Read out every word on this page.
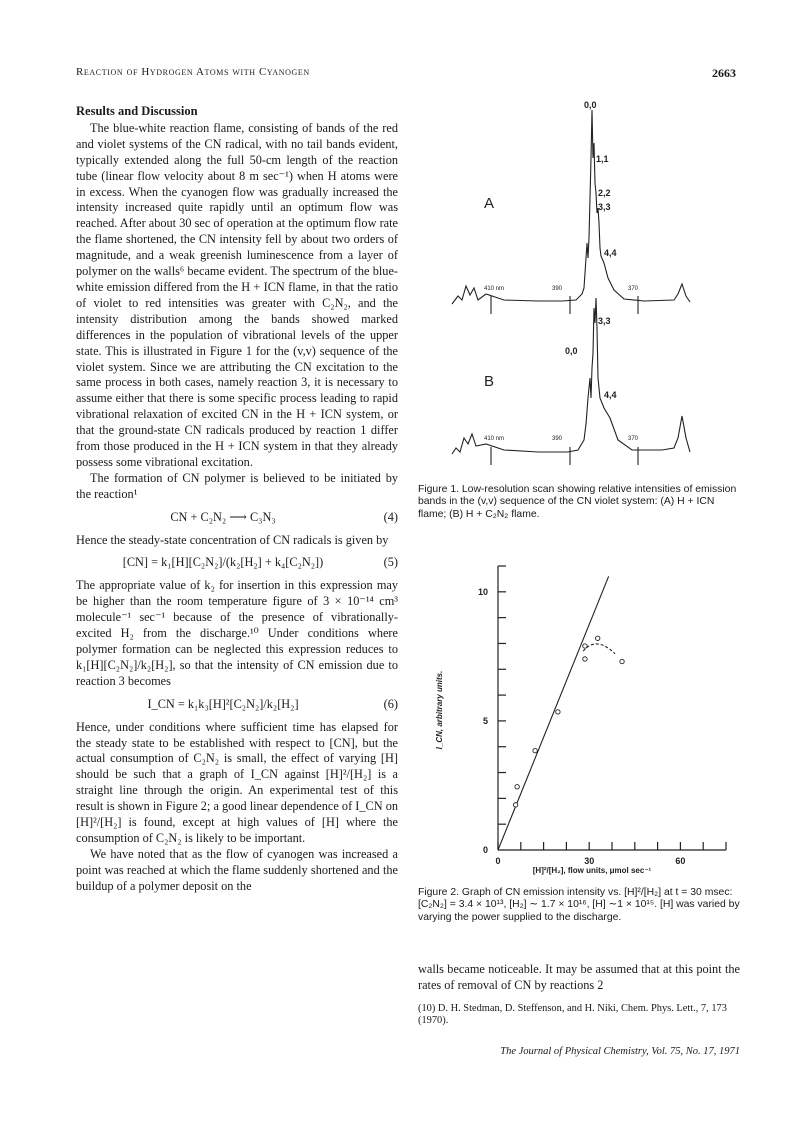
Reaction of Hydrogen Atoms with Cyanogen	2663
Results and Discussion

The blue-white reaction flame, consisting of bands of the red and violet systems of the CN radical, with no tail bands evident, typically extended along the full 50-cm length of the reaction tube (linear flow velocity about 8 m sec⁻¹) when H atoms were in excess. When the cyanogen flow was gradually increased the intensity increased quite rapidly until an optimum flow was reached. After about 30 sec of operation at the optimum flow rate the flame shortened, the CN intensity fell by about two orders of magnitude, and a weak greenish luminescence from a layer of polymer on the walls⁶ became evident. The spectrum of the blue-white emission differed from the H + ICN flame, in that the ratio of violet to red intensities was greater with C₂N₂, and the intensity distribution among the bands showed marked differences in the population of vibrational levels of the upper state. This is illustrated in Figure 1 for the (v,v) sequence of the violet system. Since we are attributing the CN excitation to the same process in both cases, namely reaction 3, it is necessary to assume either that there is some specific process leading to rapid vibrational relaxation of excited CN in the H + ICN system, or that the ground-state CN radicals produced by reaction 1 differ from those produced in the H + ICN system in that they already possess some vibrational excitation.

The formation of CN polymer is believed to be initiated by the reaction¹

CN + C₂N₂ ⟶ C₃N₃	(4)

Hence the steady-state concentration of CN radicals is given by

[CN] = k₁[H][C₂N₂]/(k₂[H₂] + k₄[C₂N₂])	(5)

The appropriate value of k₂ for insertion in this expression may be higher than the room temperature figure of 3 × 10⁻¹⁴ cm³ molecule⁻¹ sec⁻¹ because of the presence of vibrationally-excited H₂ from the discharge.¹⁰ Under conditions where polymer formation can be neglected this expression reduces to k₁[H][C₂N₂]/k₂[H₂], so that the intensity of CN emission due to reaction 3 becomes

I_CN = k₁k₃[H]²[C₂N₂]/k₂[H₂]	(6)

Hence, under conditions where sufficient time has elapsed for the steady state to be established with respect to [CN], but the actual consumption of C₂N₂ is small, the effect of varying [H] should be such that a graph of I_CN against [H]²/[H₂] is a straight line through the origin. An experimental test of this result is shown in Figure 2; a good linear dependence of I_CN on [H]²/[H₂] is found, except at high values of [H] where the consumption of C₂N₂ is likely to be important.

We have noted that as the flow of cyanogen was increased a point was reached at which the flame suddenly shortened and the buildup of a polymer deposit on the

A
B
0,0
1,1
2,2
3,3
4,4
3,3
0,0
4,4
410 nm	390	370
410 nm	390	370
Figure 1. Low-resolution scan showing relative intensities of emission bands in the (v,v) sequence of the CN violet system: (A) H + ICN flame; (B) H + C₂N₂ flame.
0	30	60
0
5
10
[H]²/[H₂], flow units, μmol sec⁻¹
I_CN, arbitrary units.
Figure 2. Graph of CN emission intensity vs. [H]²/[H₂] at t = 30 msec: [C₂N₂] = 3.4 × 10¹³, [H₂] ∼ 1.7 × 10¹⁶, [H] ∼1 × 10¹⁵. [H] was varied by varying the power supplied to the discharge.

walls became noticeable. It may be assumed that at this point the rates of removal of CN by reactions 2

(10) D. H. Stedman, D. Steffenson, and H. Niki, Chem. Phys. Lett., 7, 173 (1970).
The Journal of Physical Chemistry, Vol. 75, No. 17, 1971
